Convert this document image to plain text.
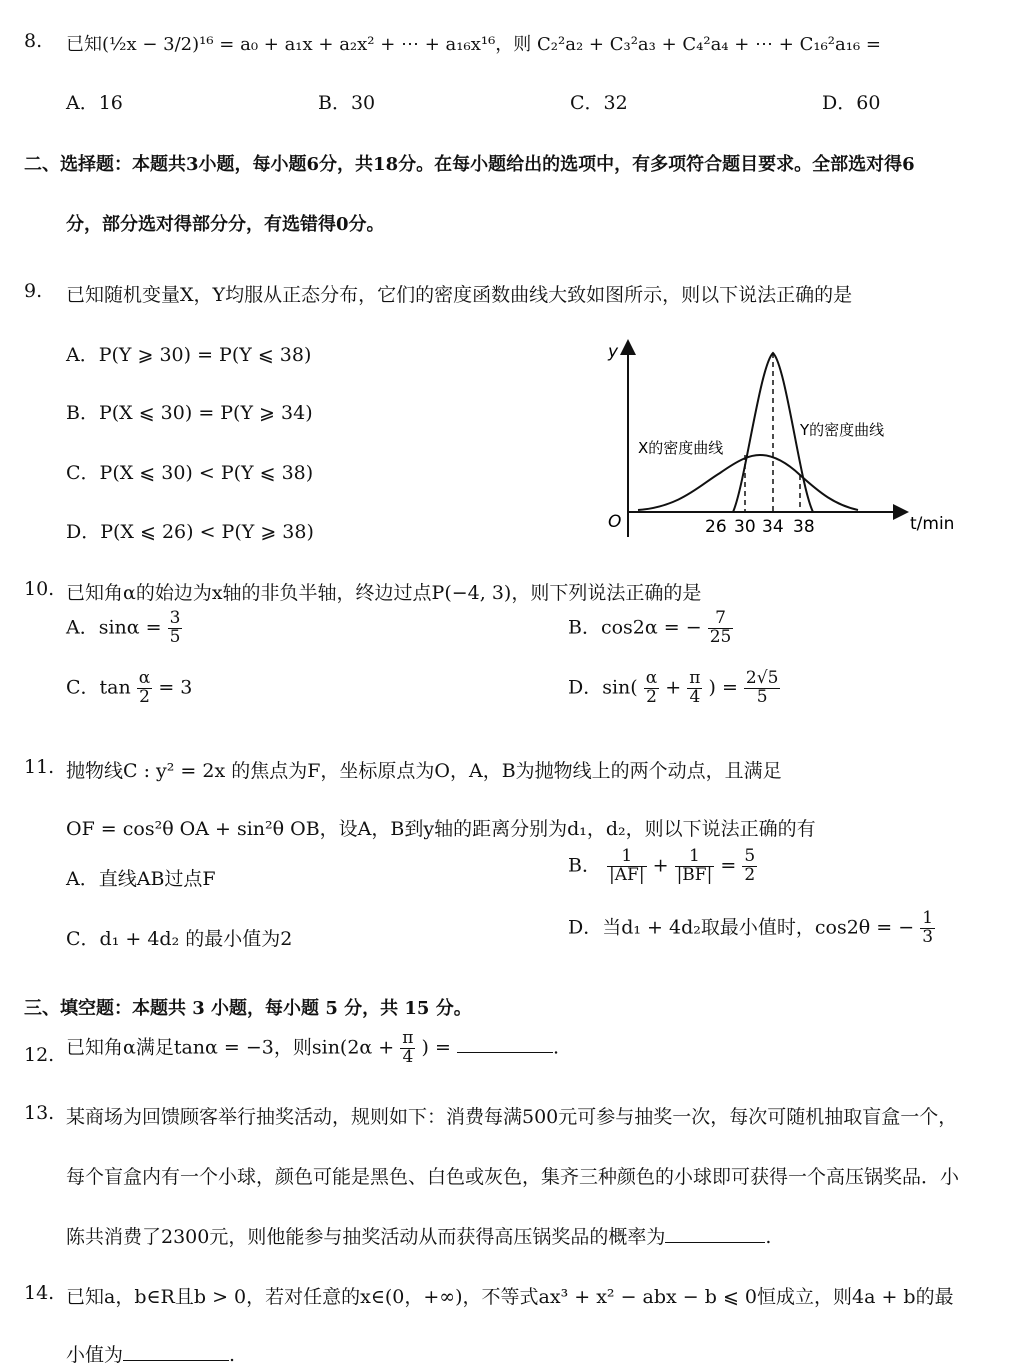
8. 已知(½x − 3/2)¹⁶ = a₀ + a₁x + a₂x² + ⋯ + a₁₆x¹⁶，则 C₂²a₂ + C₃²a₃ + C₄²a₄ + ⋯ + C₁₆²a₁₆ =
A．16	B．30	C．32	D．60
二、选择题：本题共3小题，每小题6分，共18分。在每小题给出的选项中，有多项符合题目要求。全部选对得6
分，部分选对得部分分，有选错得0分。
9. 已知随机变量X，Y均服从正态分布，它们的密度函数曲线大致如图所示，则以下说法正确的是
A．P(Y ⩾ 30) = P(Y ⩽ 38)
B．P(X ⩽ 30) = P(Y ⩾ 34)
C．P(X ⩽ 30) < P(Y ⩽ 38)
D．P(X ⩽ 26) < P(Y ⩾ 38)
y
O	t/min
26 30 34 38
X的密度曲线
Y的密度曲线
10. 已知角α的始边为x轴的非负半轴，终边过点P(−4, 3)，则下列说法正确的是
A．$\sin\alpha = \frac{3}{5}$	B．cos2α = − $\frac{7}{25}$
C．$\tan \frac{\alpha}{2} = 3$	D．$\sin( \frac{\alpha}{2} + \frac{\pi}{4}$ ) = $\frac{2√5}{5}$
11. 抛物线C : y² = 2x 的焦点为F，坐标原点为O，A，B为抛物线上的两个动点，且满足
OF = cos²θ OA + sin²θ OB，设A，B到y轴的距离分别为d₁，d₂，则以下说法正确的有
A．直线AB过点F
B． $\frac{1}{|AF|} + \frac{1}{|BF|} = \frac{5}{2}$
C．d₁ + 4d₂ 的最小值为2
D．当d₁ + 4d₂取最小值时，cos2θ = − $\frac{1}{3}$
三、填空题：本题共 3 小题，每小题 5 分，共 15 分。
12. 已知角α满足tanα = −3，则$\sin(2\alpha + \frac{\pi}{4}$ ) =	.
13. 某商场为回馈顾客举行抽奖活动，规则如下：消费每满500元可参与抽奖一次，每次可随机抽取盲盒一个，
每个盲盒内有一个小球，颜色可能是黑色、白色或灰色，集齐三种颜色的小球即可获得一个高压锅奖品．小
陈共消费了2300元，则他能参与抽奖活动从而获得高压锅奖品的概率为	.
14. 已知a，b∈R且b > 0，若对任意的x∈(0，+∞)，不等式ax³ + x² − abx − b ⩽ 0恒成立，则4a + b的最
小值为	.
